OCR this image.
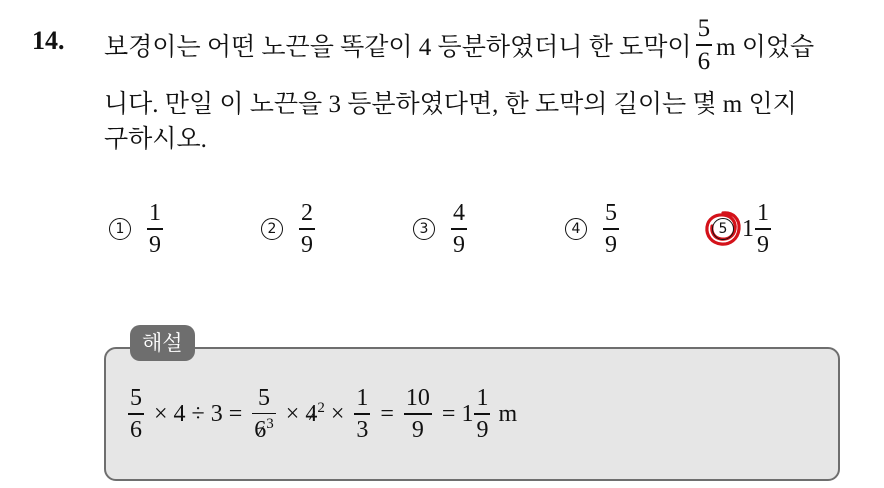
14. 보경이는 어떤 노끈을 똑같이 4 등분하였더니 한 도막이 $\frac{5}{6}$ m 이었습
니다. 만일 이 노끈을 3 등분하였다면, 한 도막의 길이는 몇 m 인지
구하시오.
$1 \frac{1}{9}$	$2 \frac{2}{9}$	$3 \frac{4}{9}$	$4 \frac{5}{9}$	5 $1 \frac{1}{9}$
해설
$\frac{5}{6} \times 4 \div 3 = \frac{5}{6^3} \times 4^2 \times \frac{1}{3} = \frac{10}{9} = 1 \frac{1}{9}$ m
